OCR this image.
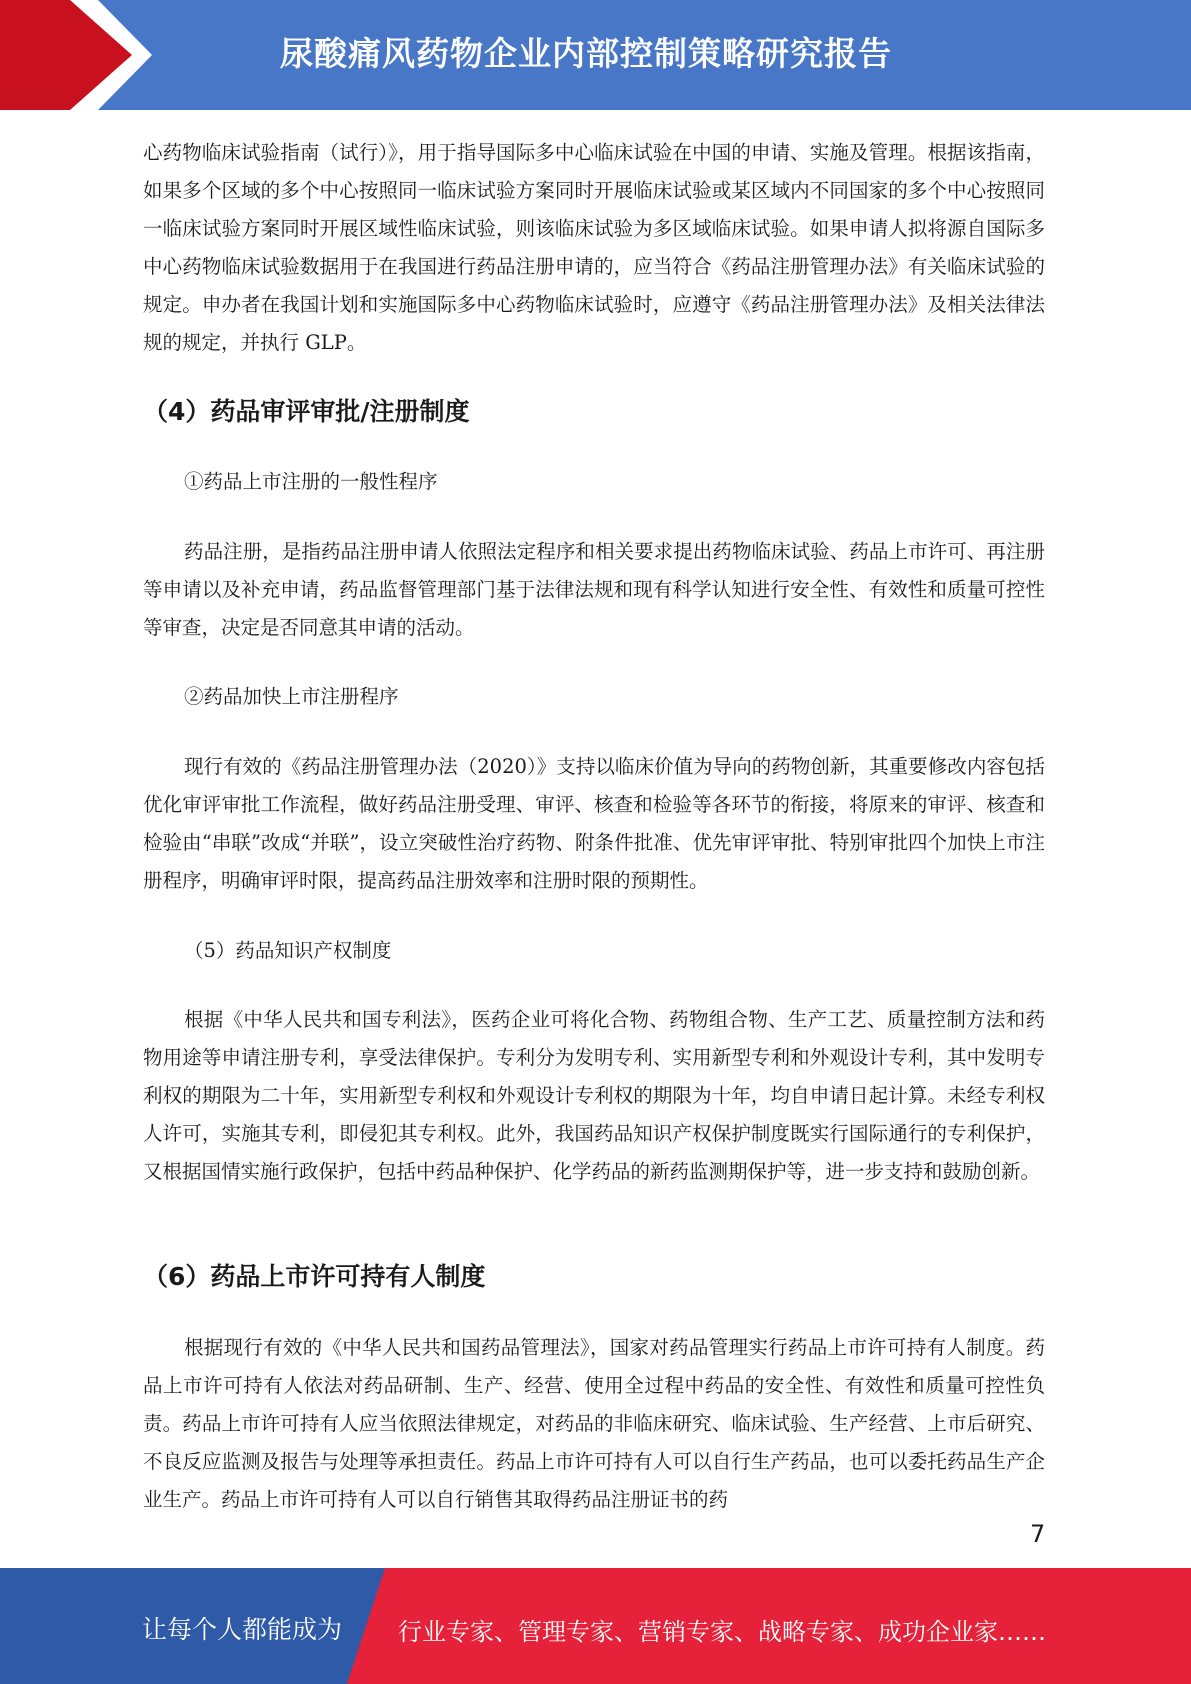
尿酸痛风药物企业内部控制策略研究报告

心药物临床试验指南（试行）》，用于指导国际多中心临床试验在中国的申请、实施及管理。根据该指南，如果多个区域的多个中心按照同一临床试验方案同时开展临床试验或某区域内不同国家的多个中心按照同一临床试验方案同时开展区域性临床试验，则该临床试验为多区域临床试验。如果申请人拟将源自国际多中心药物临床试验数据用于在我国进行药品注册申请的，应当符合《药品注册管理办法》有关临床试验的规定。申办者在我国计划和实施国际多中心药物临床试验时，应遵守《药品注册管理办法》及相关法律法规的规定，并执行 GLP。

（4）药品审评审批/注册制度
①药品上市注册的一般性程序

药品注册，是指药品注册申请人依照法定程序和相关要求提出药物临床试验、药品上市许可、再注册等申请以及补充申请，药品监督管理部门基于法律法规和现有科学认知进行安全性、有效性和质量可控性等审查，决定是否同意其申请的活动。

②药品加快上市注册程序

现行有效的《药品注册管理办法（2020）》支持以临床价值为导向的药物创新，其重要修改内容包括优化审评审批工作流程，做好药品注册受理、审评、核查和检验等各环节的衔接，将原来的审评、核查和检验由“串联”改成“并联”，设立突破性治疗药物、附条件批准、优先审评审批、特别审批四个加快上市注册程序，明确审评时限，提高药品注册效率和注册时限的预期性。

（5）药品知识产权制度

根据《中华人民共和国专利法》，医药企业可将化合物、药物组合物、生产工艺、质量控制方法和药物用途等申请注册专利，享受法律保护。专利分为发明专利、实用新型专利和外观设计专利，其中发明专利权的期限为二十年，实用新型专利权和外观设计专利权的期限为十年，均自申请日起计算。未经专利权人许可，实施其专利，即侵犯其专利权。此外，我国药品知识产权保护制度既实行国际通行的专利保护，又根据国情实施行政保护，包括中药品种保护、化学药品的新药监测期保护等，进一步支持和鼓励创新。

（6）药品上市许可持有人制度

根据现行有效的《中华人民共和国药品管理法》，国家对药品管理实行药品上市许可持有人制度。药品上市许可持有人依法对药品研制、生产、经营、使用全过程中药品的安全性、有效性和质量可控性负责。药品上市许可持有人应当依照法律规定，对药品的非临床研究、临床试验、生产经营、上市后研究、不良反应监测及报告与处理等承担责任。药品上市许可持有人可以自行生产药品，也可以委托药品生产企业生产。药品上市许可持有人可以自行销售其取得药品注册证书的药

7
让每个人都能成为 行业专家、管理专家、营销专家、战略专家、成功企业家……
